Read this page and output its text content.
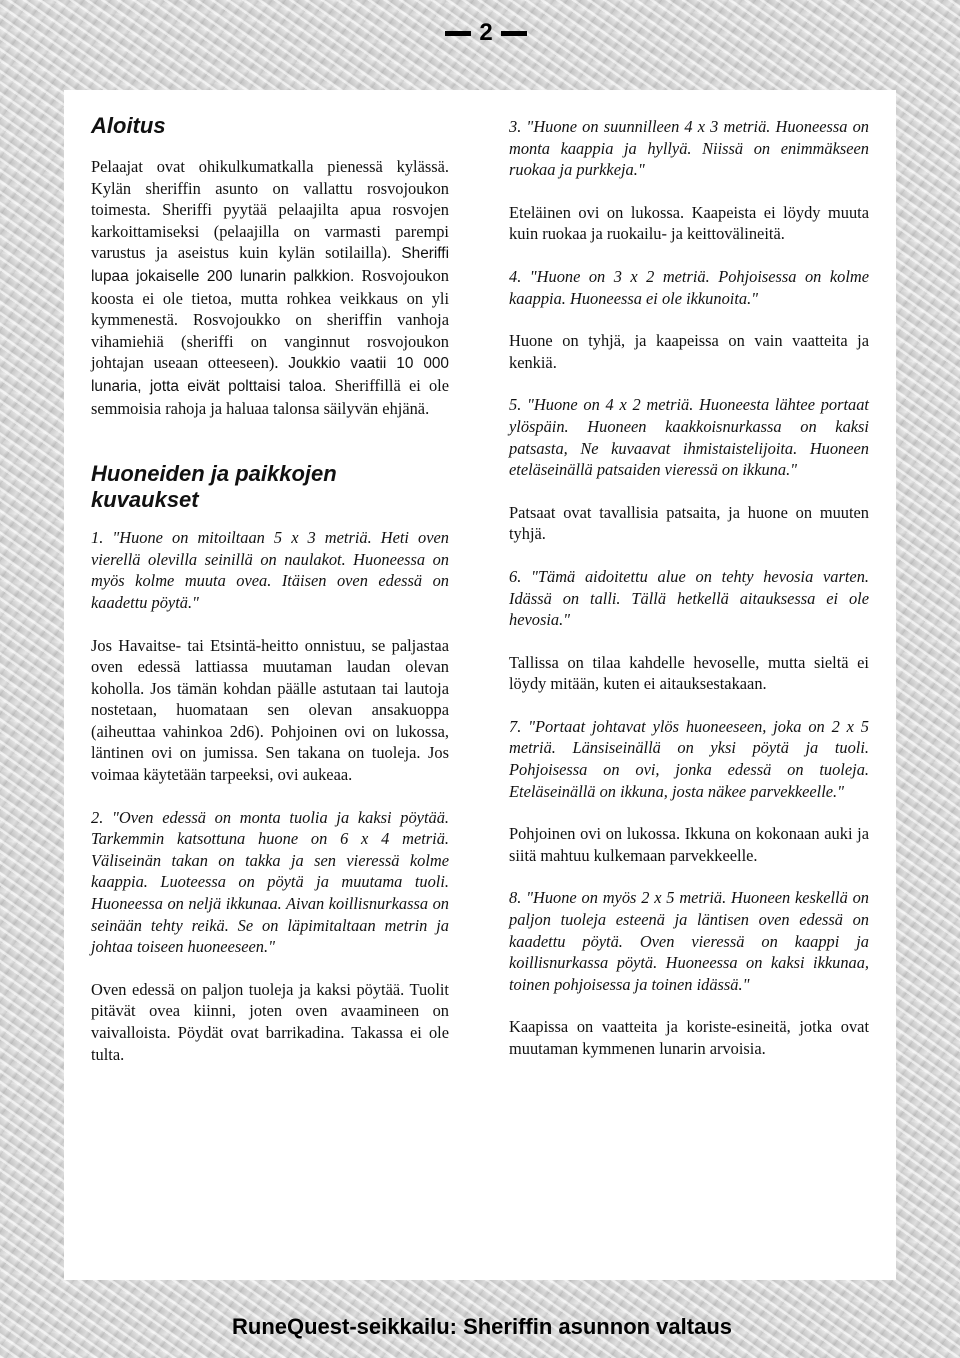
2
Aloitus

Pelaajat ovat ohikulkumatkalla pienessä kylässä. Kylän sheriffin asunto on vallattu rosvojoukon toimesta. Sheriffi pyytää pelaajilta apua rosvojen karkoittamiseksi (pelaajilla on varmasti parempi varustus ja aseistus kuin kylän sotilailla). Sheriffi lupaa jokaiselle 200 lunarin palkkion. Rosvojoukon koosta ei ole tietoa, mutta rohkea veikkaus on yli kymmenestä. Rosvojoukko on sheriffin vanhoja vihamiehiä (sheriffi on vanginnut rosvojoukon johtajan useaan otteeseen). Joukkio vaatii 10 000 lunaria, jotta eivät polttaisi taloa. Sheriffillä ei ole semmoisia rahoja ja haluaa talonsa säilyvän ehjänä.

Huoneiden ja paikkojen kuvaukset

1. "Huone on mitoiltaan 5 x 3 metriä. Heti oven vierellä olevilla seinillä on naulakot. Huoneessa on myös kolme muuta ovea. Itäisen oven edessä on kaadettu pöytä."

Jos Havaitse- tai Etsintä-heitto onnistuu, se paljastaa oven edessä lattiassa muutaman laudan olevan koholla. Jos tämän kohdan päälle astutaan tai lautoja nostetaan, huomataan sen olevan ansakuoppa (aiheuttaa vahinkoa 2d6). Pohjoinen ovi on lukossa, läntinen ovi on jumissa. Sen takana on tuoleja. Jos voimaa käytetään tarpeeksi, ovi aukeaa.

2. "Oven edessä on monta tuolia ja kaksi pöytää. Tarkemmin katsottuna huone on 6 x 4 metriä. Väliseinän takan on takka ja sen vieressä kolme kaappia. Luoteessa on pöytä ja muutama tuoli. Huoneessa on neljä ikkunaa. Aivan koillisnurkassa on seinään tehty reikä. Se on läpimitaltaan metrin ja johtaa toiseen huoneeseen."

Oven edessä on paljon tuoleja ja kaksi pöytää. Tuolit pitävät ovea kiinni, joten oven avaamineen on vaivalloista. Pöydät ovat barrikadina. Takassa ei ole tulta.

3. "Huone on suunnilleen 4 x 3 metriä. Huoneessa on monta kaappia ja hyllyä. Niissä on enimmäkseen ruokaa ja purkkeja."

Eteläinen ovi on lukossa. Kaapeista ei löydy muuta kuin ruokaa ja ruokailu- ja keittovälineitä.

4. "Huone on 3 x 2 metriä. Pohjoisessa on kolme kaappia. Huoneessa ei ole ikkunoita."

Huone on tyhjä, ja kaapeissa on vain vaatteita ja kenkiä.

5. "Huone on 4 x 2 metriä. Huoneesta lähtee portaat ylöspäin. Huoneen kaakkoisnurkassa on kaksi patsasta, Ne kuvaavat ihmistaistelijoita. Huoneen eteläseinällä patsaiden vieressä on ikkuna."

Patsaat ovat tavallisia patsaita, ja huone on muuten tyhjä.

6. "Tämä aidoitettu alue on tehty hevosia varten. Idässä on talli. Tällä hetkellä aitauksessa ei ole hevosia."

Tallissa on tilaa kahdelle hevoselle, mutta sieltä ei löydy mitään, kuten ei aitauksestakaan.

7. "Portaat johtavat ylös huoneeseen, joka on 2 x 5 metriä. Länsiseinällä on yksi pöytä ja tuoli. Pohjoisessa on ovi, jonka edessä on tuoleja. Eteläseinällä on ikkuna, josta näkee parvekkeelle."

Pohjoinen ovi on lukossa. Ikkuna on kokonaan auki ja siitä mahtuu kulkemaan parvekkeelle.

8. "Huone on myös 2 x 5 metriä. Huoneen keskellä on paljon tuoleja esteenä ja läntisen oven edessä on kaadettu pöytä. Oven vieressä on kaappi ja koillisnurkassa pöytä. Huoneessa on kaksi ikkunaa, toinen pohjoisessa ja toinen idässä."

Kaapissa on vaatteita ja koriste-esineitä, jotka ovat muutaman kymmenen lunarin arvoisia.

RuneQuest-seikkailu: Sheriffin asunnon valtaus
